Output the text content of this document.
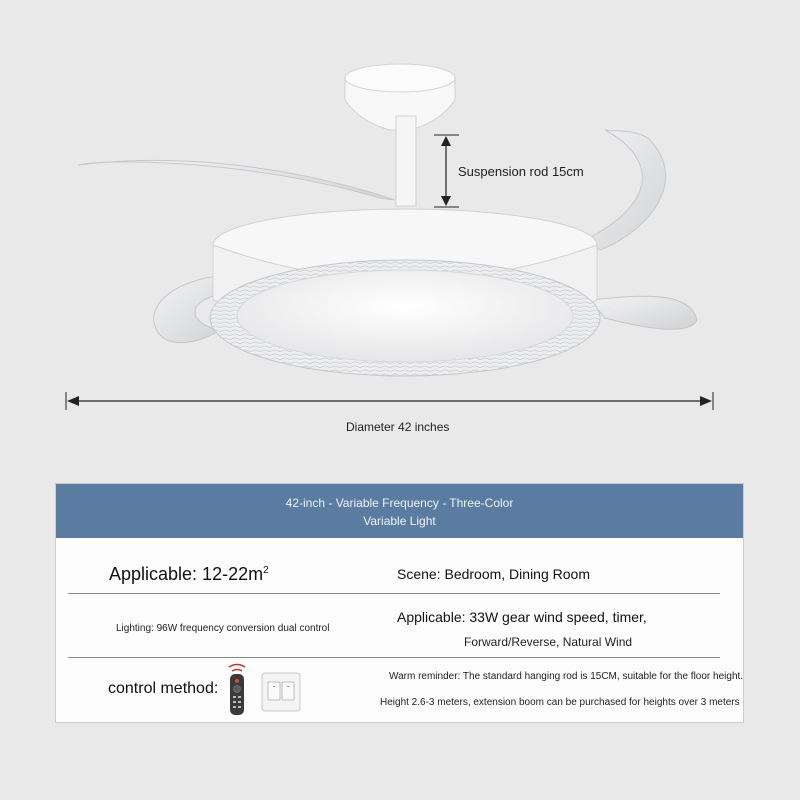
Suspension rod 15cm
Diameter 42 inches
42-inch - Variable Frequency - Three-Color
Variable Light
Applicable: $12-22m^2$	Scene: Bedroom, Dining Room
Lighting: 96W frequency conversion dual control
Applicable: 33W gear wind speed, timer,
Forward/Reverse, Natural Wind
control method:
Warm reminder: The standard hanging rod is 15CM, suitable for the floor height.
Height 2.6-3 meters, extension boom can be purchased for heights over 3 meters
